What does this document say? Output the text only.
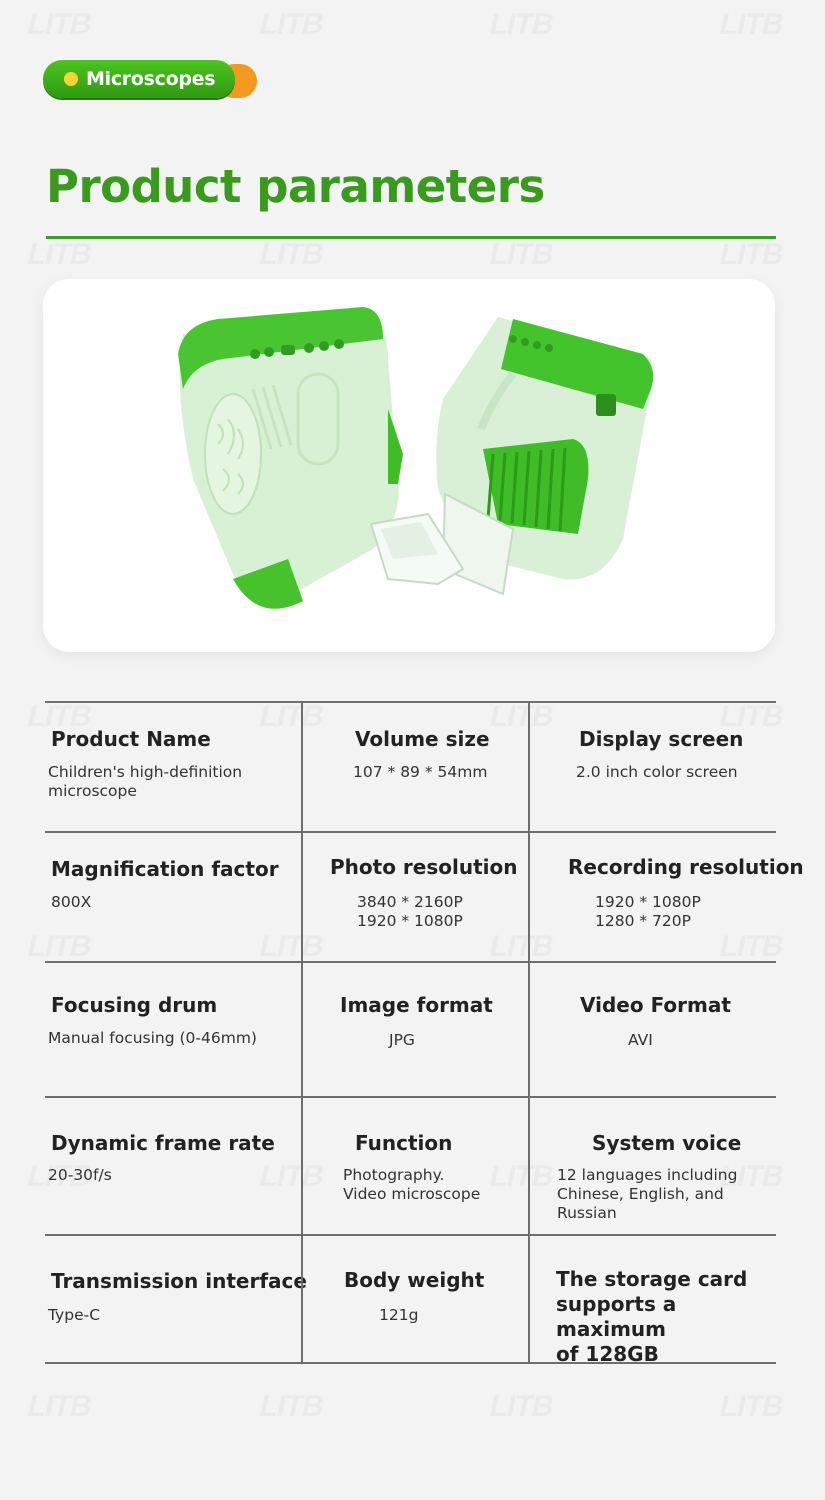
Microscopes
Product parameters
Product Name
Children's high-definition
microscope
Volume size
107 * 89 * 54mm
Display screen
2.0 inch color screen
Magnification factor
800X
Photo resolution
3840 * 2160P
1920 * 1080P
Recording resolution
1920 * 1080P
1280 * 720P
Focusing drum
Manual focusing (0-46mm)
Image format
JPG
Video Format
AVI
Dynamic frame rate
20-30f/s
Function
Photography.
Video microscope
System voice
12 languages including
Chinese, English, and Russian
Transmission interface
Type-C
Body weight
121g
The storage card
supports a maximum
of 128GB
